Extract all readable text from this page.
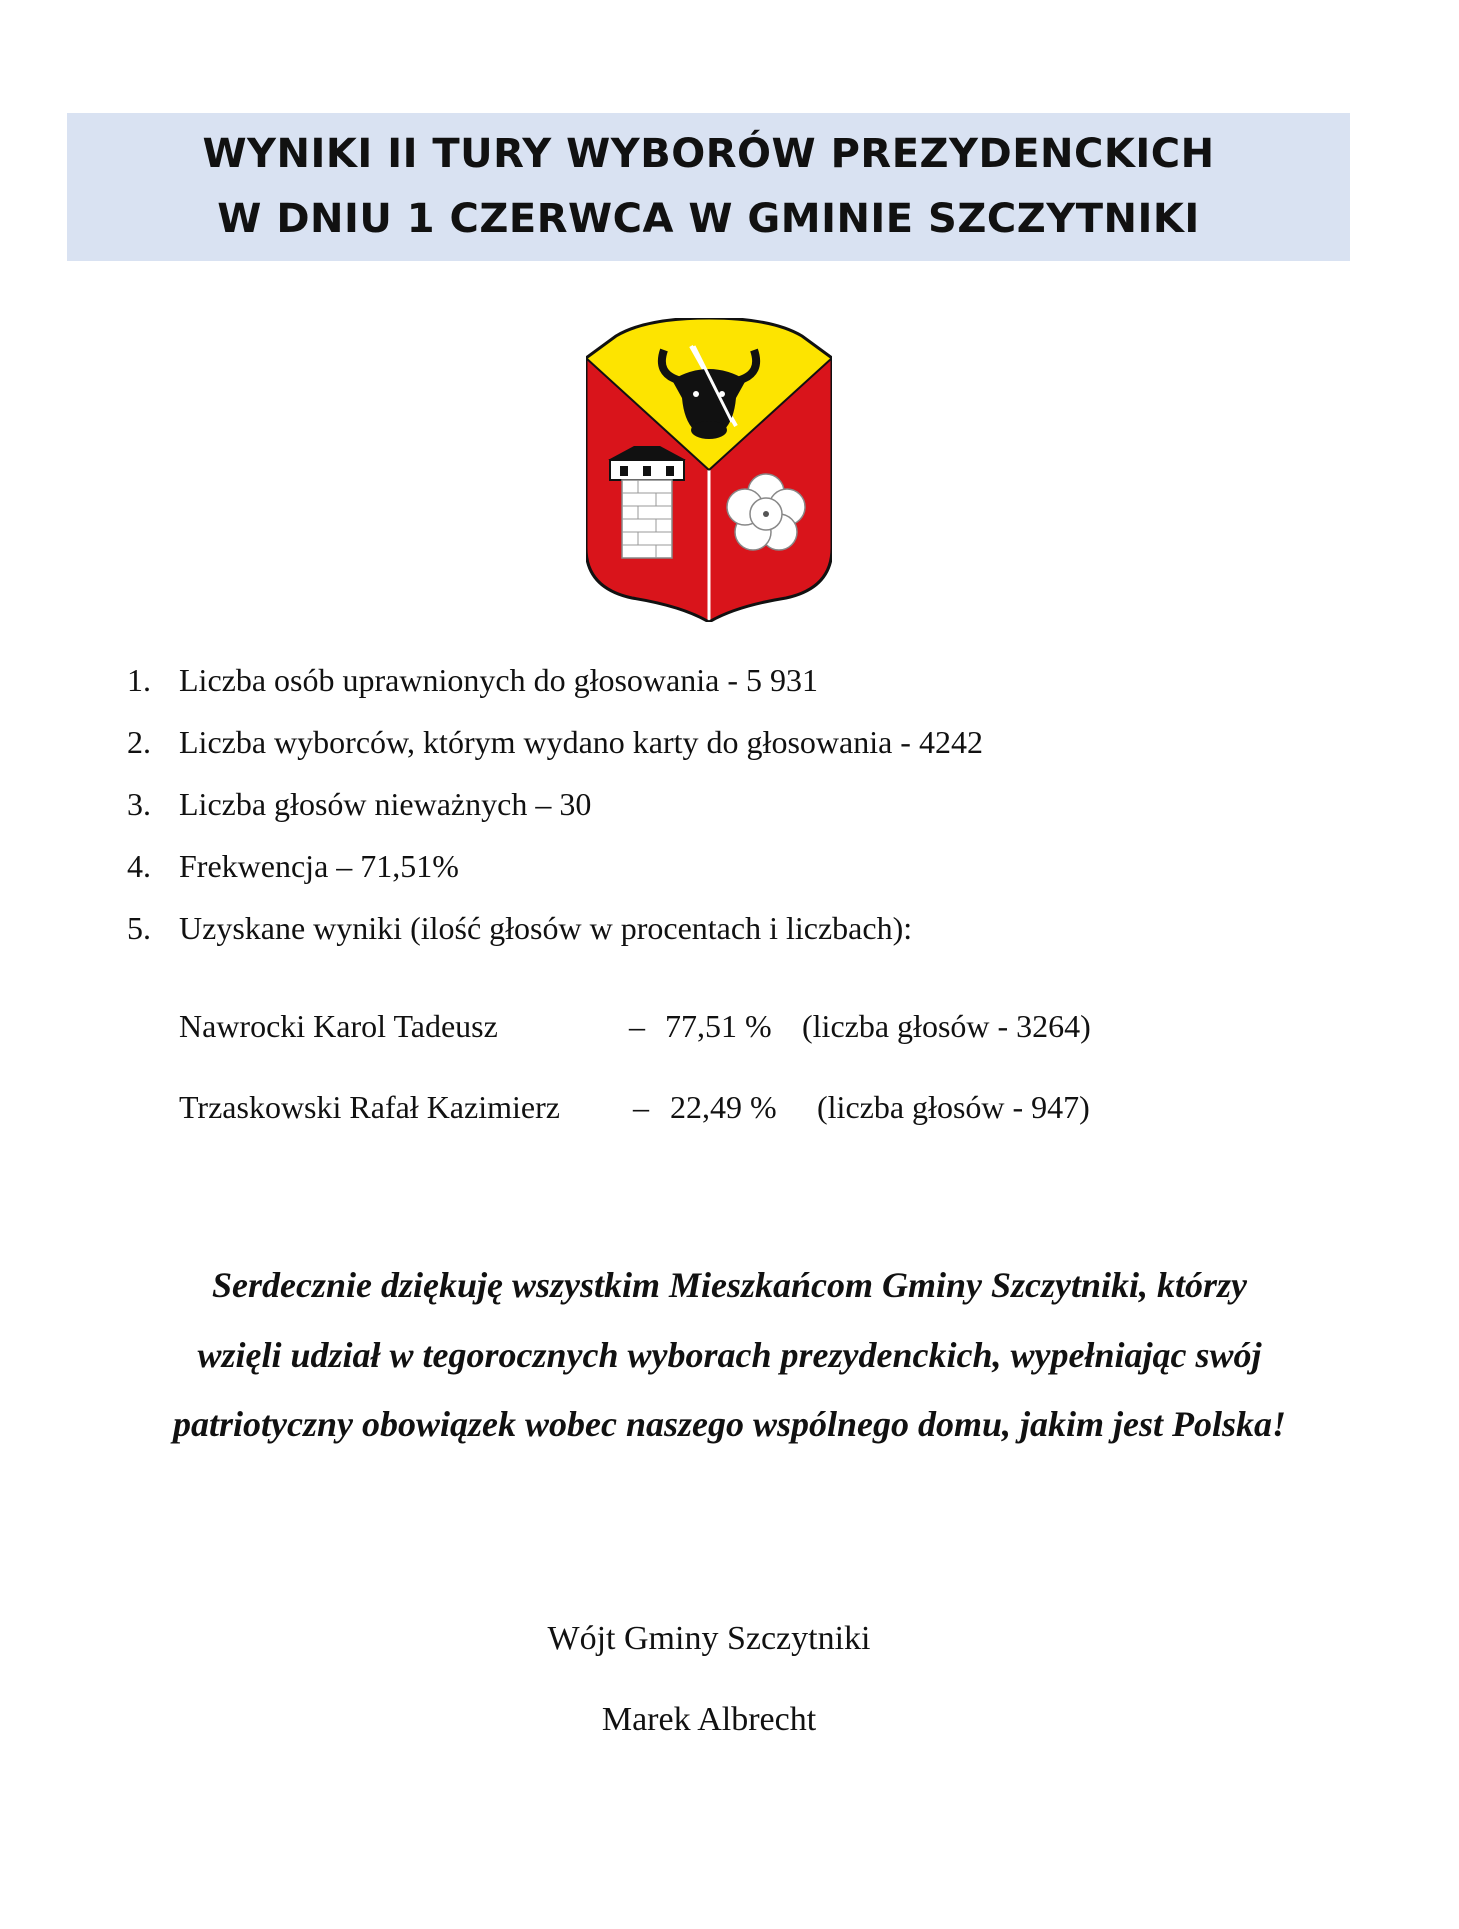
WYNIKI II TURY WYBORÓW PREZYDENCKICH
W DNIU 1 CZERWCA W GMINIE SZCZYTNIKI
1. Liczba osób uprawnionych do głosowania - 5 931
2. Liczba wyborców, którym wydano karty do głosowania - 4242
3. Liczba głosów nieważnych – 30
4. Frekwencja – 71,51%
5. Uzyskane wyniki (ilość głosów w procentach i liczbach):
Nawrocki Karol Tadeusz	– 77,51 % (liczba głosów - 3264)
Trzaskowski Rafał Kazimierz – 22,49 % (liczba głosów - 947)
Serdecznie dziękuję wszystkim Mieszkańcom Gminy Szczytniki, którzy
wzięli udział w tegorocznych wyborach prezydenckich, wypełniając swój
patriotyczny obowiązek wobec naszego wspólnego domu, jakim jest Polska!
Wójt Gminy Szczytniki
Marek Albrecht
